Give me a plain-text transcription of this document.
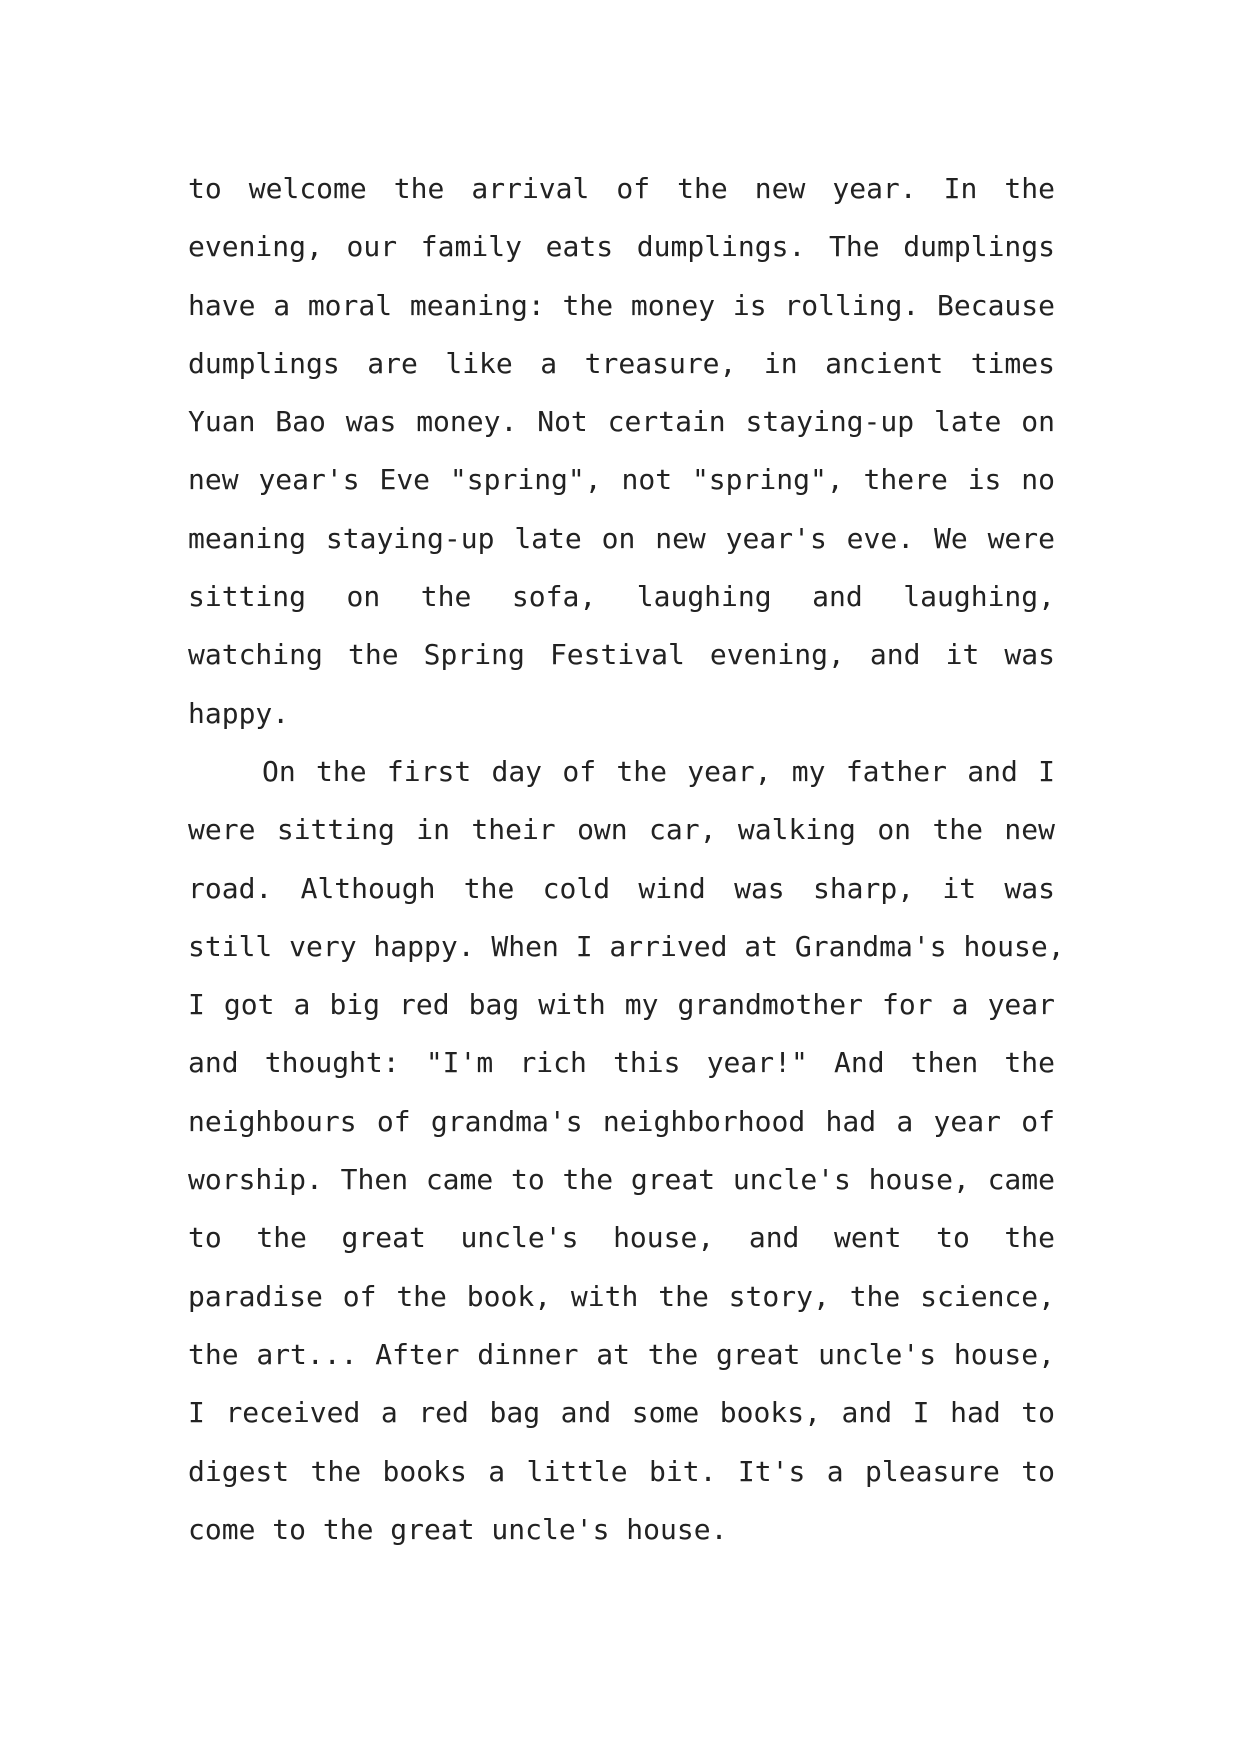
to welcome the arrival of the new year. In the
evening, our family eats dumplings. The dumplings
have a moral meaning: the money is rolling. Because
dumplings are like a treasure, in ancient times
Yuan Bao was money. Not certain staying-up late on
new year's Eve "spring", not "spring", there is no
meaning staying-up late on new year's eve. We were
sitting on the sofa, laughing and laughing,
watching the Spring Festival evening, and it was
happy.
On the first day of the year, my father and I
were sitting in their own car, walking on the new
road. Although the cold wind was sharp, it was
still very happy. When I arrived at Grandma's house,
I got a big red bag with my grandmother for a year
and thought: "I'm rich this year!" And then the
neighbours of grandma's neighborhood had a year of
worship. Then came to the great uncle's house, came
to the great uncle's house, and went to the
paradise of the book, with the story, the science,
the art... After dinner at the great uncle's house,
I received a red bag and some books, and I had to
digest the books a little bit. It's a pleasure to
come to the great uncle's house.
